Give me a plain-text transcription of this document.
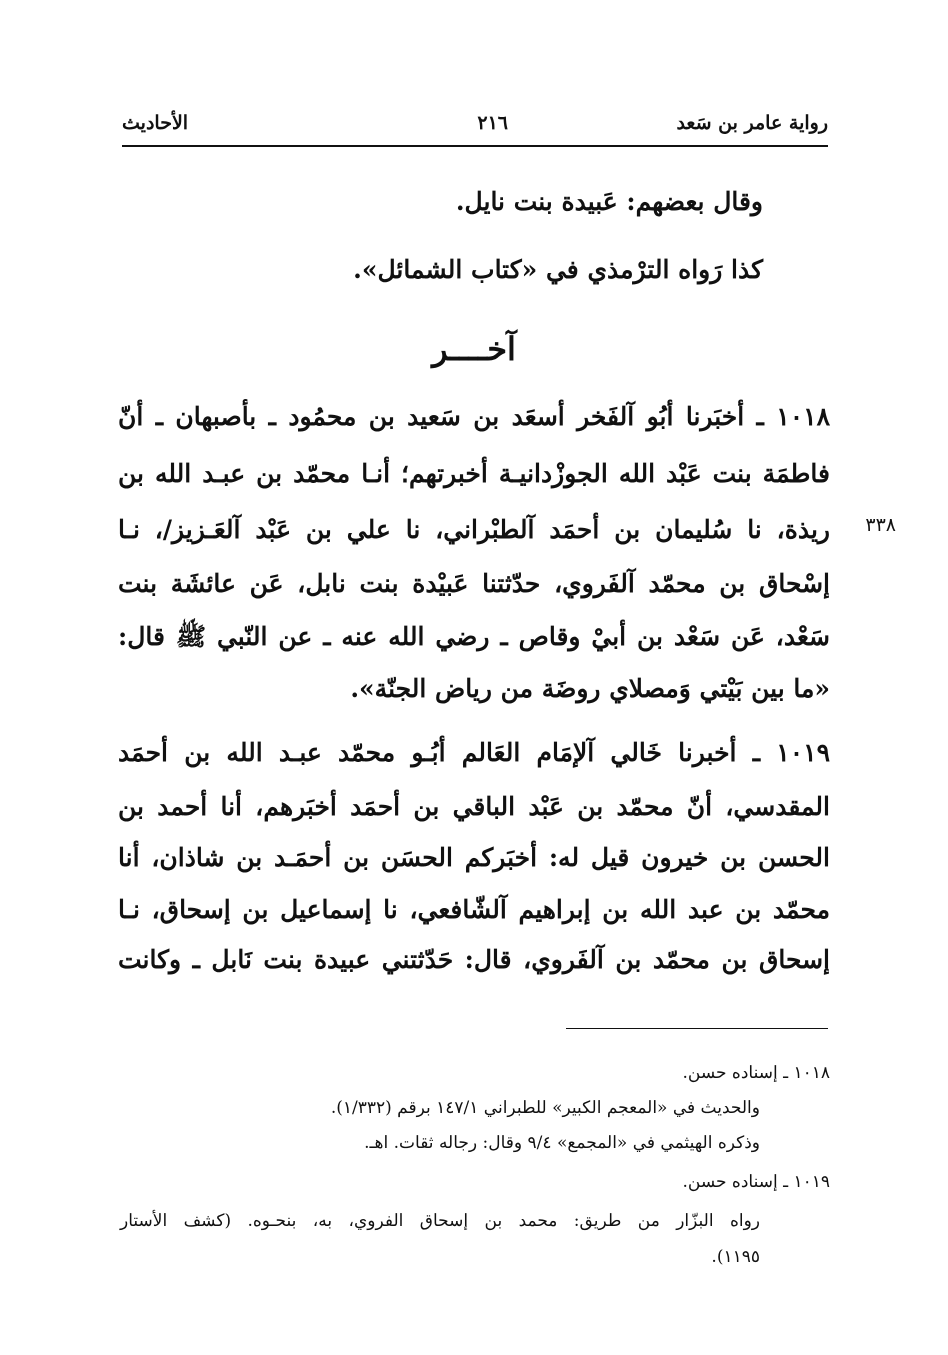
رواية عامر بن سَعد
٢١٦
الأحاديث
وقال بعضهم: عَبيدة بنت نايل.
كذا رَواه الترْمذي في «كتاب الشمائل».
آخــــر
١٠١٨ ـ أخبَرنا أبُو آلفَخر أسعَد بن سَعيد بن محمُود ـ بأصبهان ـ أنّ
فاطمَة بنت عَبْد الله الجوزْدانيـة أخبرتهم؛ أنـا محمّد بن عبـد الله بن
ريذة، نا سُليمان بن أحمَد آلطبْراني، نا علي بن عَبْد آلعَـزيز/، نـا
إسْحاق بن محمّد آلفَروي، حدّثتنا عَبيْدة بنت نابل، عَن عائشَة بنت
سَعْد، عَن سَعْد بن أبيْ وقاص ـ رضي الله عنه ـ عن النّبي ﷺ قال:
«ما بين بَيْتي وَمصلاي روضَة من رياض الجنّة».
٣٣٨
١٠١٩ ـ أخبرنا خَالي آلإمَام العَالم أبُـو محمّد عبـد الله بن أحمَد
المقدسي، أنّ محمّد بن عَبْد الباقي بن أحمَد أخبَرهم، أنا أحمد بن
الحسن بن خيرون قيل له: أخبَركم الحسَن بن أحمَـد بن شاذان، أنا
محمّد بن عبد الله بن إبراهيم آلشّافعي، نا إسماعيل بن إسحاق، نـا
إسحاق بن محمّد بن آلفَروي، قال: حَدّثتني عبيدة بنت نَابل ـ وكانت
١٠١٨ ـ إسناده حسن.
والحديث في «المعجم الكبير» للطبراني ١٤٧/١ برقم (١/٣٣٢).
وذكره الهيثمي في «المجمع» ٩/٤ وقال: رجاله ثقات. اهـ.
١٠١٩ ـ إسناده حسن.
رواه البزّار من طريق: محمد بن إسحاق الفروي، به، بنحـوه. (كشف الأستار
١١٩٥).
